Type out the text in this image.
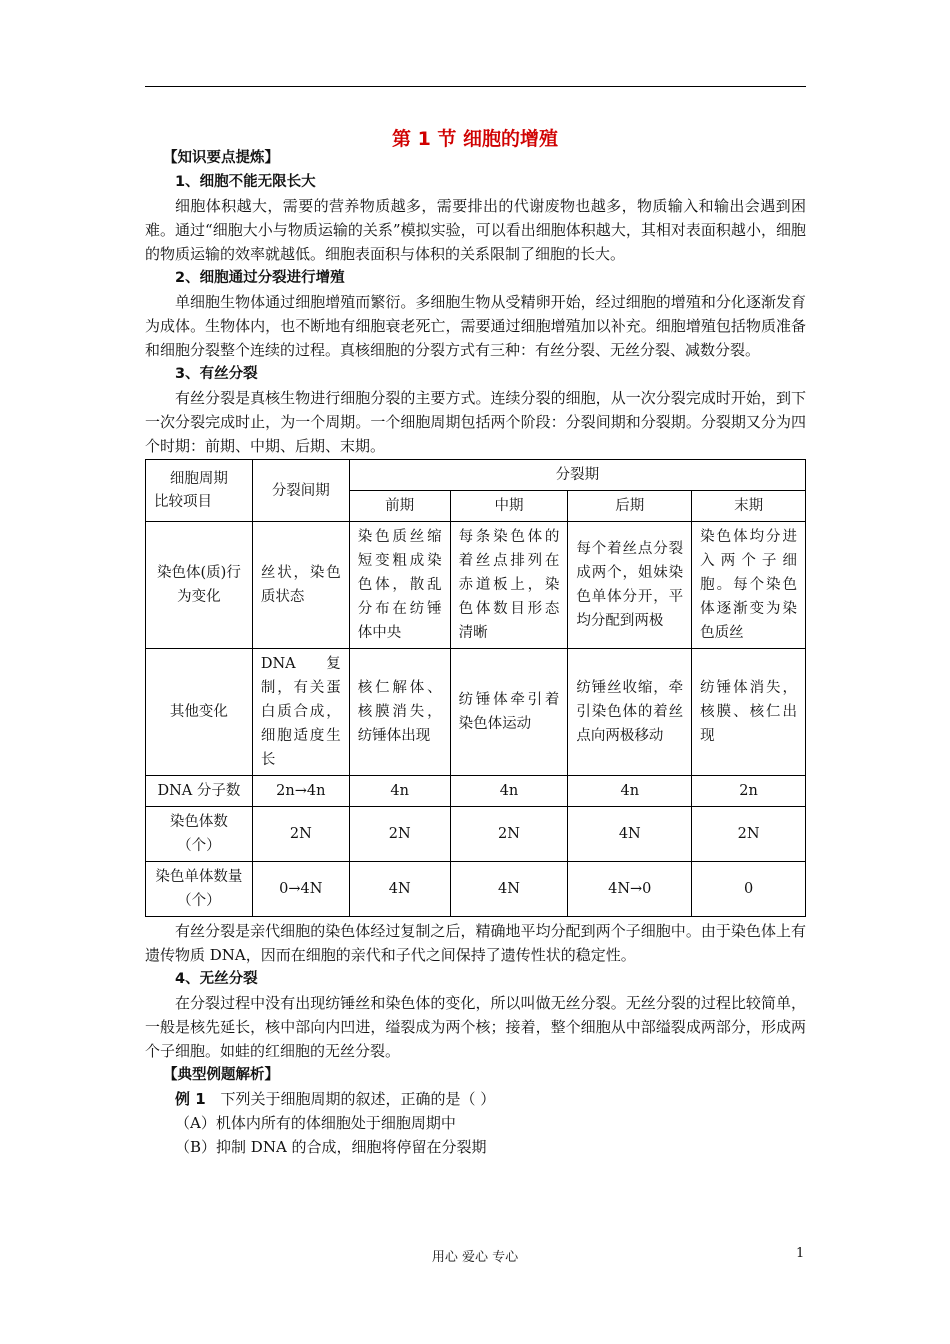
第 1 节 细胞的增殖

【知识要点提炼】

1、细胞不能无限长大

细胞体积越大，需要的营养物质越多，需要排出的代谢废物也越多，物质输入和输出会遇到困难。通过“细胞大小与物质运输的关系”模拟实验，可以看出细胞体积越大，其相对表面积越小，细胞的物质运输的效率就越低。细胞表面积与体积的关系限制了细胞的长大。

2、细胞通过分裂进行增殖

单细胞生物体通过细胞增殖而繁衍。多细胞生物从受精卵开始，经过细胞的增殖和分化逐渐发育为成体。生物体内，也不断地有细胞衰老死亡，需要通过细胞增殖加以补充。细胞增殖包括物质准备和细胞分裂整个连续的过程。真核细胞的分裂方式有三种：有丝分裂、无丝分裂、减数分裂。

3、有丝分裂

有丝分裂是真核生物进行细胞分裂的主要方式。连续分裂的细胞，从一次分裂完成时开始，到下一次分裂完成时止，为一个周期。一个细胞周期包括两个阶段：分裂间期和分裂期。分裂期又分为四个时期：前期、中期、后期、末期。

细胞周期
比较项目	分裂间期	分裂期			
		前期	中期	后期	末期
染色体(质)行为变化	丝状，染色质状态	染色质丝缩短变粗成染色体，散乱分布在纺锤体中央	每条染色体的着丝点排列在赤道板上，染色体数目形态清晰	每个着丝点分裂成两个，姐妹染色单体分开，平均分配到两极	染色体均分进入两个子细胞。每个染色体逐渐变为染色质丝
其他变化	DNA 复制，有关蛋白质合成，细胞适度生长	核仁解体、核膜消失，纺锤体出现	纺锤体牵引着染色体运动	纺锤丝收缩，牵引染色体的着丝点向两极移动	纺锤体消失，核膜、核仁出现
DNA 分子数	2n→4n	4n	4n	4n	2n
染色体数（个）	2N	2N	2N	4N	2N
染色单体数量（个）	0→4N	4N	4N	4N→0	0

有丝分裂是亲代细胞的染色体经过复制之后，精确地平均分配到两个子细胞中。由于染色体上有遗传物质 DNA，因而在细胞的亲代和子代之间保持了遗传性状的稳定性。

4、无丝分裂

在分裂过程中没有出现纺锤丝和染色体的变化，所以叫做无丝分裂。无丝分裂的过程比较简单，一般是核先延长，核中部向内凹进，缢裂成为两个核；接着，整个细胞从中部缢裂成两部分，形成两个子细胞。如蛙的红细胞的无丝分裂。

【典型例题解析】

例 1 下列关于细胞周期的叙述，正确的是（ ）

（A）机体内所有的体细胞处于细胞周期中

（B）抑制 DNA 的合成，细胞将停留在分裂期

用心 爱心 专心	1
